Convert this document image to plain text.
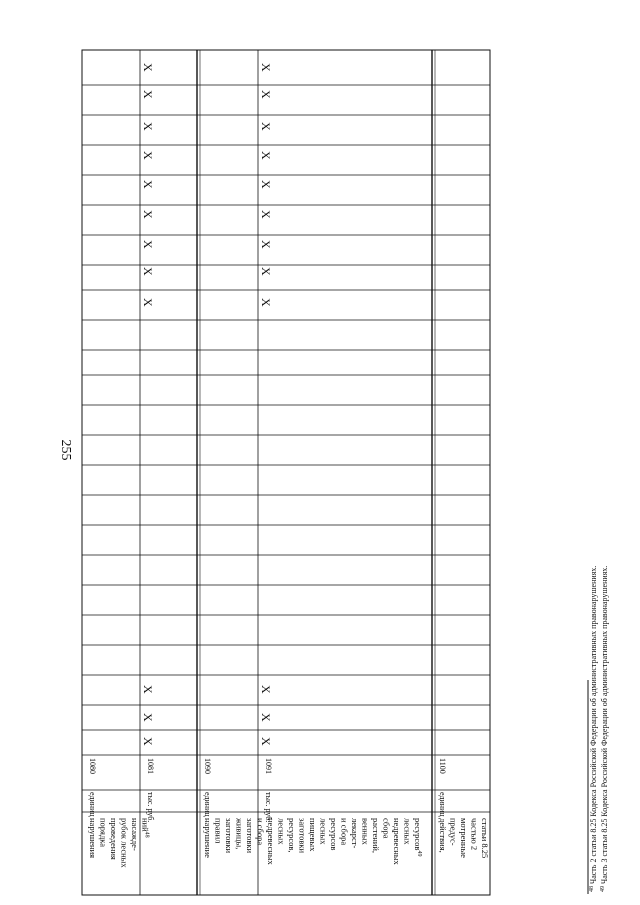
255
нарушения порядка проведения рубок лесных насажде- ний$^{48}$	нарушение правил заготовки живицы, заготовки и сбора недревесных лесных ресурсов, заготовки пищевых лесных ресурсов и сбора лекарст- венных растений, сбора недревесных лесных ресурсов$^{49}$
действия, предус- мотренные частью 2 статьи 8.25
единиц
1080
тыс. руб.
1081
единиц
1090
тыс. руб.
1091
единиц
1100
X
X
X
X
X
X
X
X
X
X
X
X
X
X
X
X
X
X
X
X
X
X
X
X
$^{48}$ Часть 2 статьи 8.25 Кодекса Российской Федерации об административных правонарушениях.
$^{49}$ Часть 3 статьи 8.25 Кодекса Российской Федерации об административных правонарушениях.
